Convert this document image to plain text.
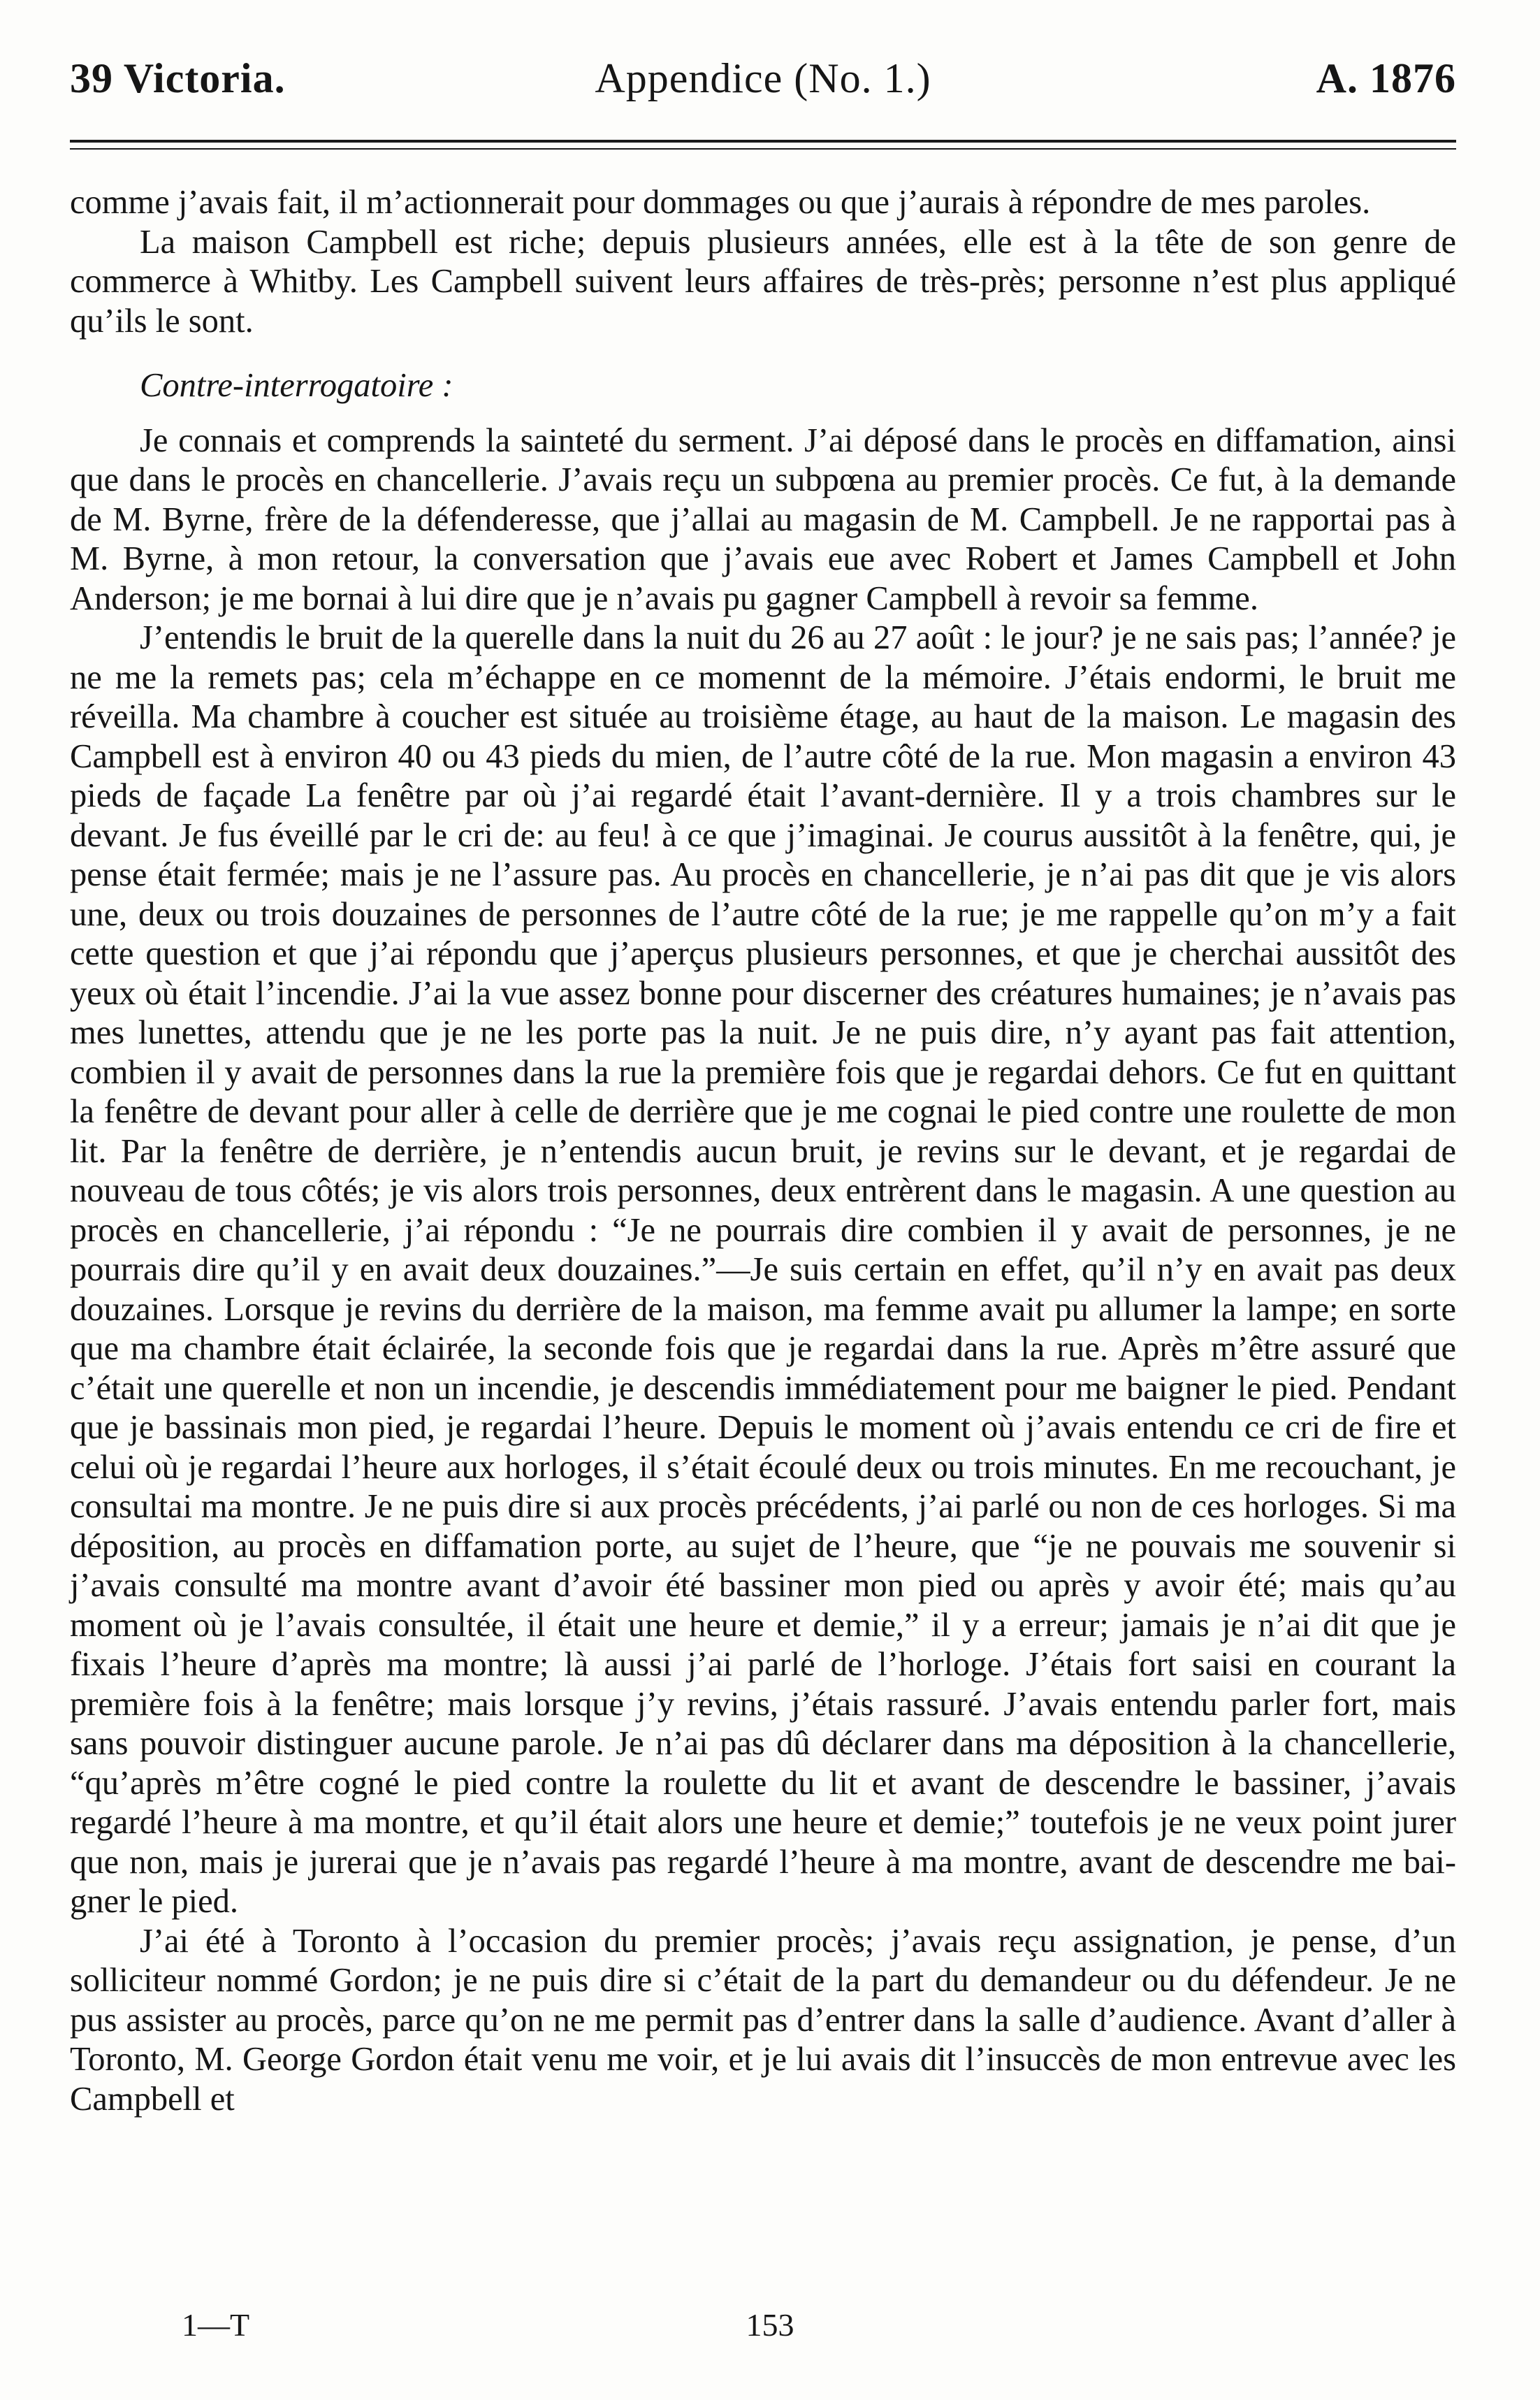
39 Victoria.	Appendice (No. 1.)	A. 1876

comme j’avais fait, il m’actionnerait pour dommages ou que j’aurais à répondre de mes paroles.

La maison Campbell est riche; depuis plusieurs années, elle est à la tête de son genre de commerce à Whitby. Les Campbell suivent leurs affaires de très-près; personne n’est plus appliqué qu’ils le sont.

Contre-interrogatoire :

Je connais et comprends la sainteté du serment. J’ai déposé dans le procès en diffamation, ainsi que dans le procès en chancellerie. J’avais reçu un subpœna au premier procès. Ce fut, à la demande de M. Byrne, frère de la défenderesse, que j’allai au magasin de M. Campbell. Je ne rapportai pas à M. Byrne, à mon retour, la conversation que j’avais eue avec Robert et James Campbell et John Anderson; je me bornai à lui dire que je n’avais pu gagner Campbell à revoir sa femme.

J’entendis le bruit de la querelle dans la nuit du 26 au 27 août : le jour? je ne sais pas; l’année? je ne me la remets pas; cela m’échappe en ce momennt de la mémoire. J’étais endormi, le bruit me réveilla. Ma chambre à coucher est située au troisième étage, au haut de la maison. Le magasin des Campbell est à environ 40 ou 43 pieds du mien, de l’autre côté de la rue. Mon magasin a environ 43 pieds de façade La fenêtre par où j’ai regardé était l’avant-dernière. Il y a trois chambres sur le devant. Je fus éveillé par le cri de: au feu! à ce que j’imaginai. Je courus aussitôt à la fenêtre, qui, je pense était fermée; mais je ne l’assure pas. Au procès en chancellerie, je n’ai pas dit que je vis alors une, deux ou trois douzaines de personnes de l’autre côté de la rue; je me rappelle qu’on m’y a fait cette question et que j’ai répondu que j’aperçus plusieurs personnes, et que je cherchai aussitôt des yeux où était l’incendie. J’ai la vue assez bonne pour discerner des créatures humaines; je n’avais pas mes lunettes, attendu que je ne les porte pas la nuit. Je ne puis dire, n’y ayant pas fait attention, combien il y avait de personnes dans la rue la première fois que je regardai dehors. Ce fut en quittant la fenêtre de devant pour aller à celle de derrière que je me cognai le pied contre une roulette de mon lit. Par la fenêtre de derrière, je n’entendis aucun bruit, je revins sur le devant, et je regardai de nouveau de tous côtés; je vis alors trois personnes, deux entrèrent dans le magasin. A une question au procès en chancellerie, j’ai répondu : “Je ne pourrais dire combien il y avait de personnes, je ne pourrais dire qu’il y en avait deux douzaines.”—Je suis certain en effet, qu’il n’y en avait pas deux douzaines. Lorsque je revins du derrière de la maison, ma femme avait pu allumer la lampe; en sorte que ma chambre était éclairée, la seconde fois que je regardai dans la rue. Après m’être assuré que c’était une querelle et non un incendie, je descendis immédiatement pour me baigner le pied. Pendant que je bassinais mon pied, je regardai l’heure. Depuis le moment où j’avais entendu ce cri de fire et celui où je regardai l’heure aux horloges, il s’était écoulé deux ou trois minutes. En me recouchant, je consultai ma montre. Je ne puis dire si aux procès précédents, j’ai parlé ou non de ces horloges. Si ma déposition, au procès en diffamation porte, au sujet de l’heure, que “je ne pouvais me souvenir si j’avais consulté ma montre avant d’avoir été bassiner mon pied ou après y avoir été; mais qu’au moment où je l’avais consultée, il était une heure et demie,” il y a erreur; jamais je n’ai dit que je fixais l’heure d’après ma montre; là aussi j’ai parlé de l’horloge. J’étais fort saisi en courant la première fois à la fenêtre; mais lorsque j’y revins, j’étais rassuré. J’avais entendu parler fort, mais sans pouvoir distinguer aucune parole. Je n’ai pas dû déclarer dans ma déposition à la chancellerie, “qu’après m’être cogné le pied contre la roulette du lit et avant de descendre le bassiner, j’avais regardé l’heure à ma montre, et qu’il était alors une heure et demie;” toutefois je ne veux point jurer que non, mais je jurerai que je n’avais pas regardé l’heure à ma montre, avant de descendre me baigner le pied.

J’ai été à Toronto à l’occasion du premier procès; j’avais reçu assignation, je pense, d’un solliciteur nommé Gordon; je ne puis dire si c’était de la part du demandeur ou du défendeur. Je ne pus assister au procès, parce qu’on ne me permit pas d’entrer dans la salle d’audience. Avant d’aller à Toronto, M. George Gordon était venu me voir, et je lui avais dit l’insuccès de mon entrevue avec les Campbell et

1—T	153
